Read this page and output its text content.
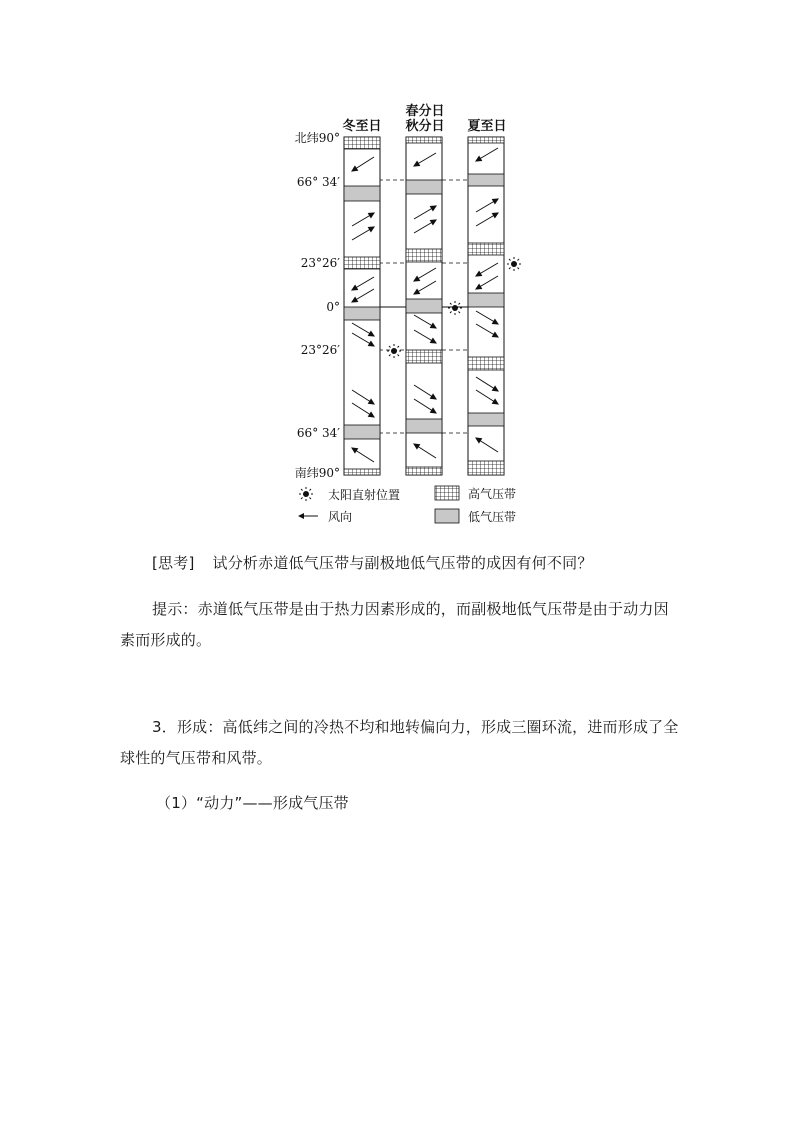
冬至日
春分日
秋分日 夏至日
北纬90°
66° 34′
23°26′
0°
23°26′
66° 34′
南纬90°
太阳直射位置
风向
高气压带
低气压带
[思考] 试分析赤道低气压带与副极地低气压带的成因有何不同？
提示：赤道低气压带是由于热力因素形成的，而副极地低气压带是由于动力因素而形成的。
3．形成：高低纬之间的冷热不均和地转偏向力，形成三圈环流，进而形成了全球性的气压带和风带。
（1）“动力”——形成气压带
